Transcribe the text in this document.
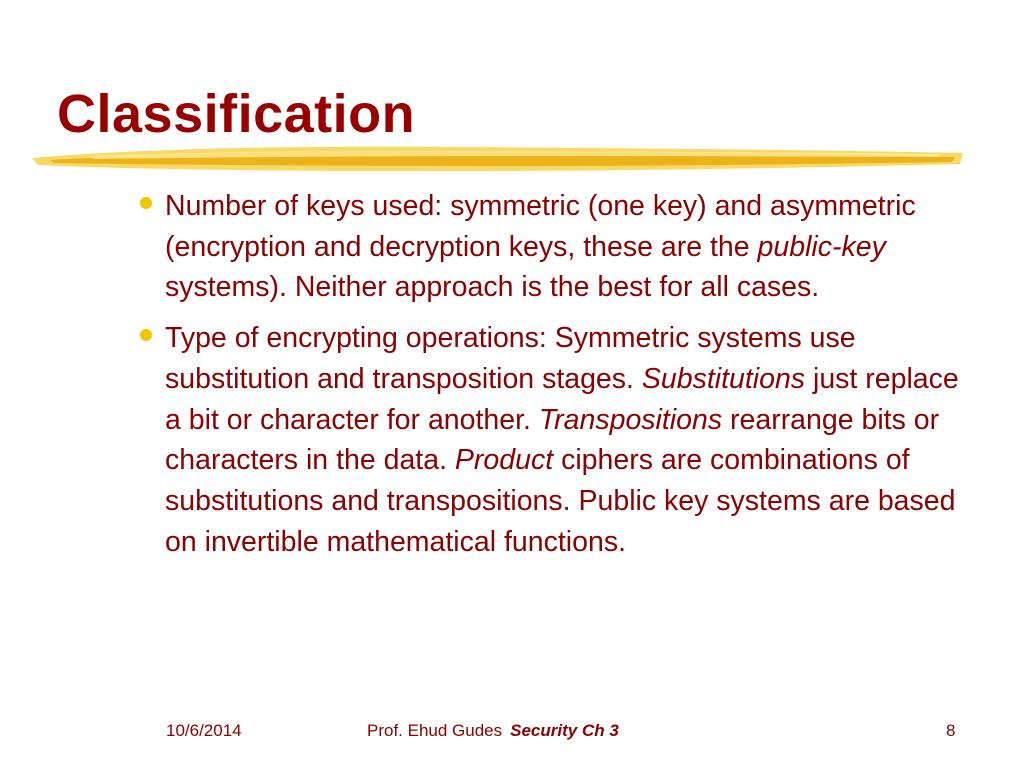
Classification
Number of keys used: symmetric (one key) and asymmetric (encryption and decryption keys, these are the public-key systems). Neither approach is the best for all cases.
Type of encrypting operations: Symmetric systems use substitution and transposition stages. Substitutions just replace a bit or character for another. Transpositions rearrange bits or characters in the data. Product ciphers are combinations of substitutions and transpositions. Public key systems are based on invertible mathematical functions.
10/6/2014	Prof. Ehud Gudes Security Ch 3	8
